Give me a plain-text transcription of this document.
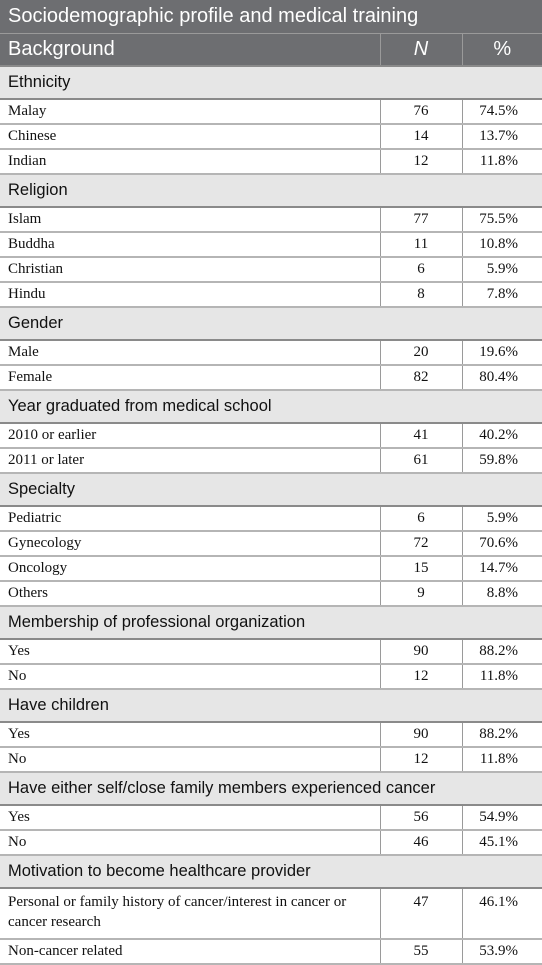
Sociodemographic profile and medical training		
Background	N	%
Ethnicity		
Malay	76	74.5%
Chinese	14	13.7%
Indian	12	11.8%
Religion		
Islam	77	75.5%
Buddha	11	10.8%
Christian	6	5.9%
Hindu	8	7.8%
Gender		
Male	20	19.6%
Female	82	80.4%
Year graduated from medical school		
2010 or earlier	41	40.2%
2011 or later	61	59.8%
Specialty		
Pediatric	6	5.9%
Gynecology	72	70.6%
Oncology	15	14.7%
Others	9	8.8%
Membership of professional organization		
Yes	90	88.2%
No	12	11.8%
Have children		
Yes	90	88.2%
No	12	11.8%
Have either self/close family members experienced cancer		
Yes	56	54.9%
No	46	45.1%
Motivation to become healthcare provider		
Personal or family history of cancer/interest in cancer or cancer research	47	46.1%
Non-cancer related	55	53.9%
